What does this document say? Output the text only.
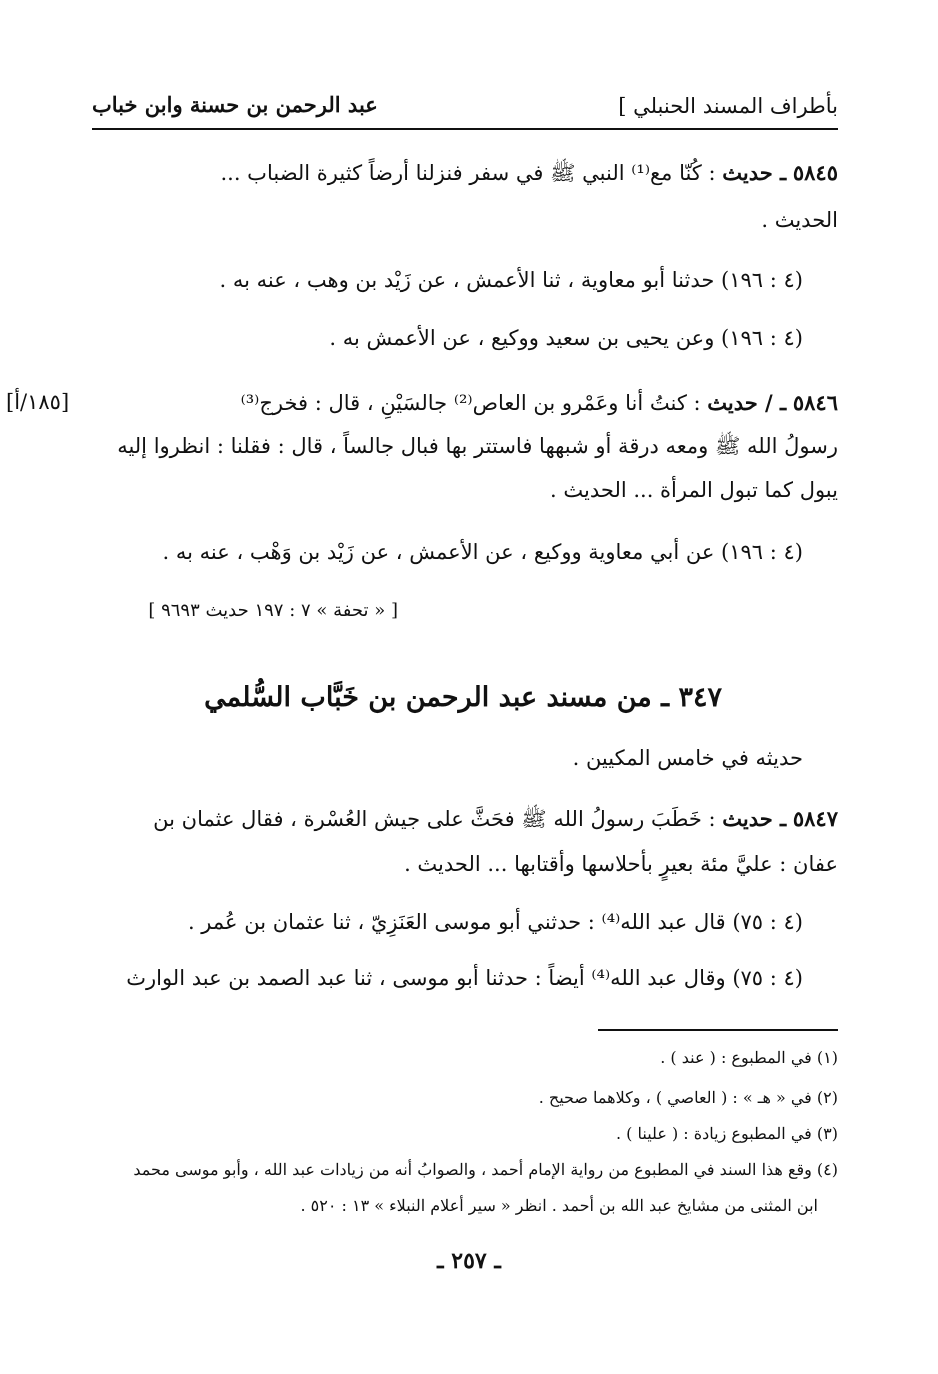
بأطراف المسند الحنبلي ]
عبد الرحمن بن حسنة وابن خباب
٥٨٤٥ ـ حديث : كُنّا مع⁽¹⁾ النبي ﷺ في سفر فنزلنا أرضاً كثيرة الضباب ...
الحديث .
(٤ : ١٩٦) حدثنا أبو معاوية ، ثنا الأعمش ، عن زَيْد بن وهب ، عنه به .
(٤ : ١٩٦) وعن يحيى بن سعيد ووكيع ، عن الأعمش به .
[١٨٥/أ]	٥٨٤٦ ـ / حديث : كنتُ أنا وعَمْرو بن العاص⁽²⁾ جالسَيْنِ ، قال : فخرج⁽³⁾
رسولُ الله ﷺ ومعه درقة أو شبهها فاستتر بها فبال جالساً ، قال : فقلنا : انظروا إليه
يبول كما تبول المرأة ... الحديث .
(٤ : ١٩٦) عن أبي معاوية ووكيع ، عن الأعمش ، عن زَيْد بن وَهْب ، عنه به .
[ « تحفة » ٧ : ١٩٧ حديث ٩٦٩٣ ]
٣٤٧ ـ من مسند عبد الرحمن بن خَبَّاب السُّلمي
حديثه في خامس المكيين .
٥٨٤٧ ـ حديث : خَطَبَ رسولُ الله ﷺ فحَثَّ على جيش العُسْرة ، فقال عثمان بن
عفان : عليَّ مئة بعيرٍ بأحلاسها وأقتابها ... الحديث .
(٤ : ٧٥) قال عبد الله⁽⁴⁾ : حدثني أبو موسى العَنَزِيّ ، ثنا عثمان بن عُمر .
(٤ : ٧٥) وقال عبد الله⁽⁴⁾ أيضاً : حدثنا أبو موسى ، ثنا عبد الصمد بن عبد الوارث
(١) في المطبوع : ( عند ) .
(٢) في « هـ » : ( العاصي ) ، وكلاهما صحيح .
(٣) في المطبوع زيادة : ( علينا ) .
(٤) وقع هذا السند في المطبوع من رواية الإمام أحمد ، والصوابُ أنه من زيادات عبد الله ، وأبو موسى محمد
ابن المثنى من مشايخ عبد الله بن أحمد . انظر « سير أعلام النبلاء » ١٣ : ٥٢٠ .
ـ ٢٥٧ ـ
